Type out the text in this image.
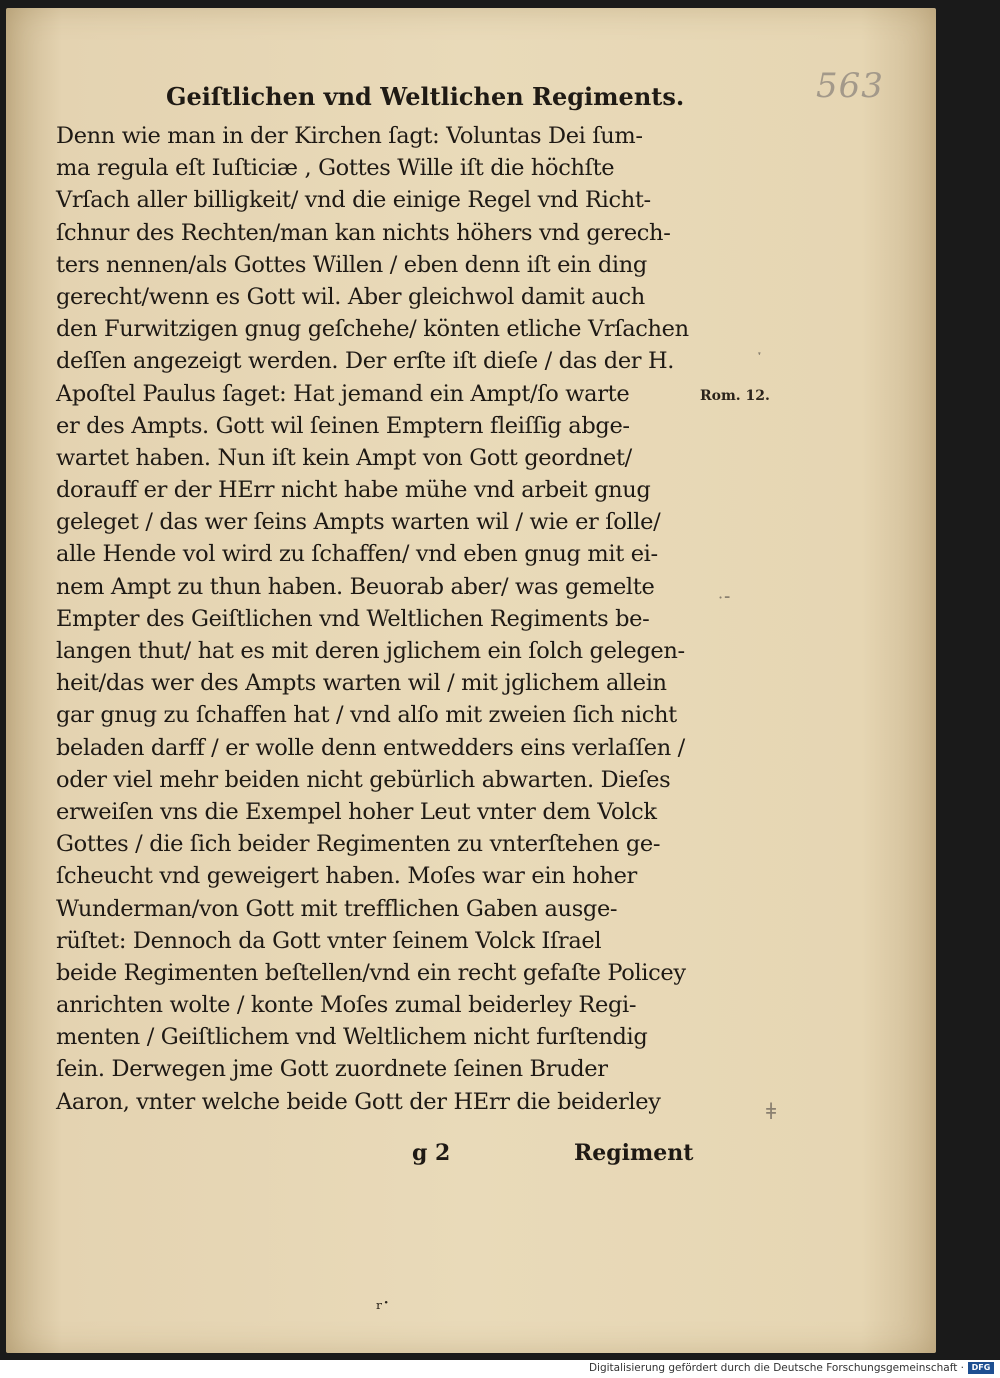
563
Geiſtlichen vnd Weltlichen Regiments.
Denn wie man in der Kirchen ſagt: Voluntas Dei ſum-
ma regula eſt Iuſticiæ , Gottes Wille iſt die höchſte
Vrſach aller billigkeit/ vnd die einige Regel vnd Richt-
ſchnur des Rechten/man kan nichts höhers vnd gerech-
ters nennen/als Gottes Willen / eben denn iſt ein ding
gerecht/wenn es Gott wil. Aber gleichwol damit auch
den Furwitzigen gnug geſchehe/ könten etliche Vrſachen
deſſen angezeigt werden. Der erſte iſt dieſe / das der H.
Apoſtel Paulus ſaget: Hat jemand ein Ampt/ſo warte
er des Ampts. Gott wil ſeinen Emptern fleiſſig abge-
wartet haben. Nun iſt kein Ampt von Gott geordnet/
dorauff er der HErr nicht habe mühe vnd arbeit gnug
geleget / das wer ſeins Ampts warten wil / wie er ſolle/
alle Hende vol wird zu ſchaffen/ vnd eben gnug mit ei-
nem Ampt zu thun haben. Beuorab aber/ was gemelte
Empter des Geiſtlichen vnd Weltlichen Regiments be-
langen thut/ hat es mit deren jglichem ein ſolch gelegen-
heit/das wer des Ampts warten wil / mit jglichem allein
gar gnug zu ſchaffen hat / vnd alſo mit zweien ſich nicht
beladen darff / er wolle denn entwedders eins verlaſſen /
oder viel mehr beiden nicht gebürlich abwarten. Dieſes
erweiſen vns die Exempel hoher Leut vnter dem Volck
Gottes / die ſich beider Regimenten zu vnterſtehen ge-
ſcheucht vnd geweigert haben. Moſes war ein hoher
Wunderman/von Gott mit trefflichen Gaben ausge-
rüſtet: Dennoch da Gott vnter ſeinem Volck Iſrael
beide Regimenten beſtellen/vnd ein recht gefaſte Policey
anrichten wolte / konte Moſes zumal beiderley Regi-
menten / Geiſtlichem vnd Weltlichem nicht furſtendig
ſein. Derwegen jme Gott zuordnete ſeinen Bruder
Aaron, vnter welche beide Gott der HErr die beiderley
Rom. 12.
ˑ
·⁃
ǂ
ᵣ·
g 2	Regiment
Digitalisierung gefördert durch die Deutsche Forschungsgemeinschaft · DFG
